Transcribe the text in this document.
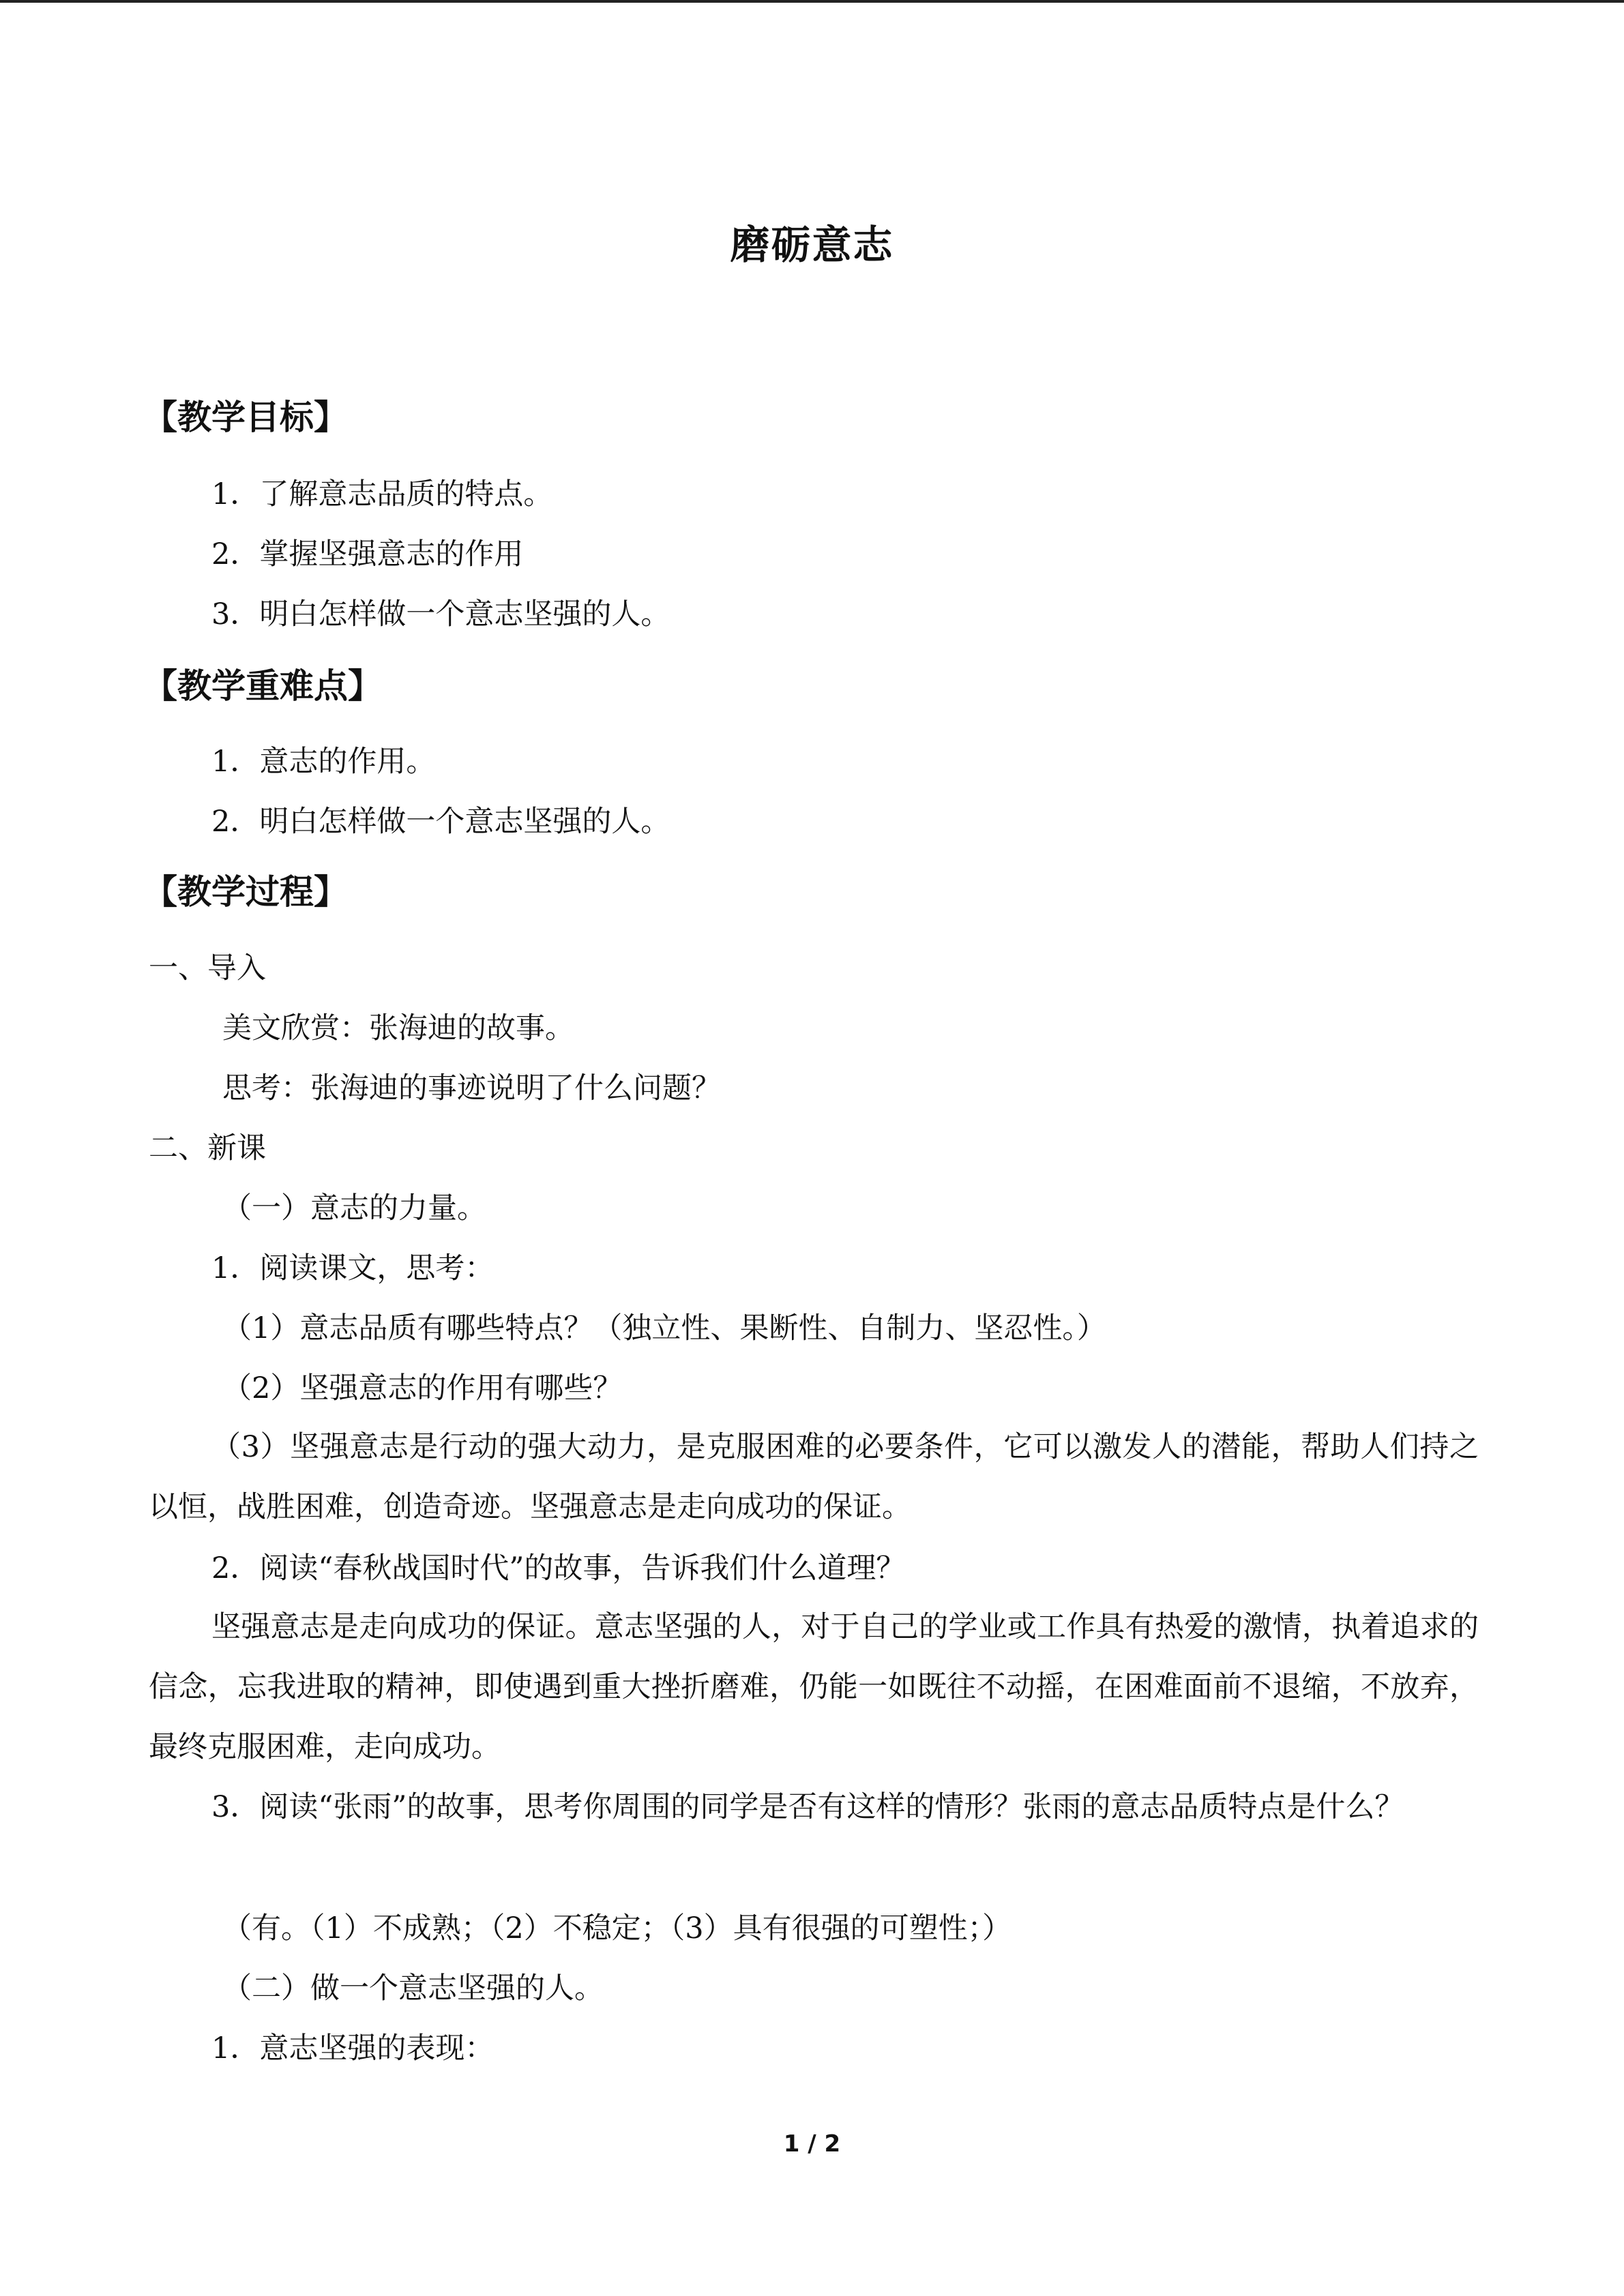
磨砺意志
【教学目标】
1．了解意志品质的特点。
2．掌握坚强意志的作用
3．明白怎样做一个意志坚强的人。
【教学重难点】
1．意志的作用。
2．明白怎样做一个意志坚强的人。
【教学过程】
一、导入
美文欣赏：张海迪的故事。
思考：张海迪的事迹说明了什么问题？
二、新课
（一）意志的力量。
1．阅读课文，思考：
（1）意志品质有哪些特点？（独立性、果断性、自制力、坚忍性。）
（2）坚强意志的作用有哪些？
（3）坚强意志是行动的强大动力，是克服困难的必要条件，它可以激发人的潜能，帮助人们持之以恒，战胜困难，创造奇迹。坚强意志是走向成功的保证。
2．阅读“春秋战国时代”的故事，告诉我们什么道理？
坚强意志是走向成功的保证。意志坚强的人，对于自己的学业或工作具有热爱的激情，执着追求的信念，忘我进取的精神，即使遇到重大挫折磨难，仍能一如既往不动摇，在困难面前不退缩，不放弃，最终克服困难，走向成功。
3．阅读“张雨”的故事，思考你周围的同学是否有这样的情形？张雨的意志品质特点是什么？
（有。（1）不成熟；（2）不稳定；（3）具有很强的可塑性；）
（二）做一个意志坚强的人。
1．意志坚强的表现：
1 / 2
